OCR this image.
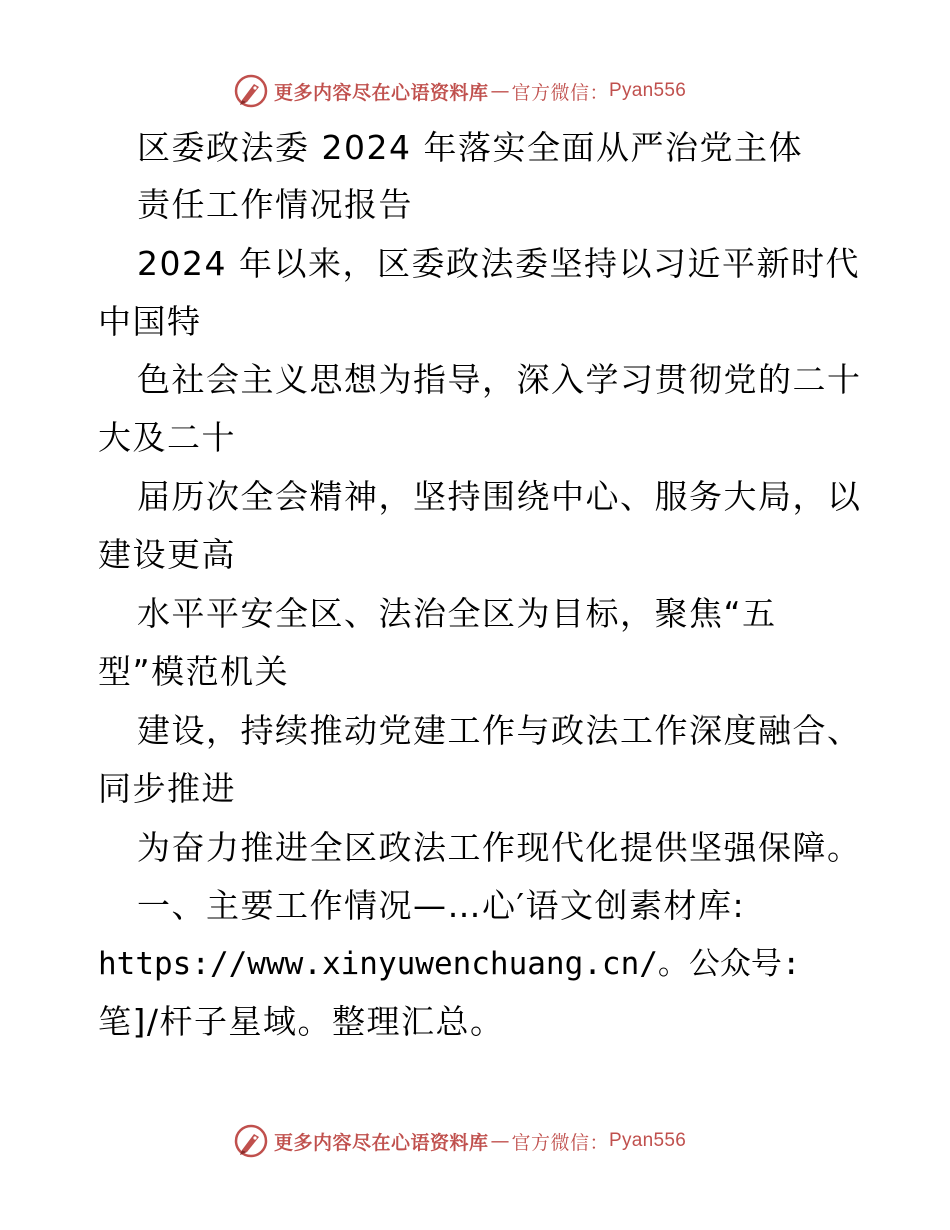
更多内容尽在心语资料库 — 官方微信： Pyan556
区委政法委 2024 年落实全面从严治党主体
责任工作情况报告
2024 年以来，区委政法委坚持以习近平新时代
中国特
色社会主义思想为指导，深入学习贯彻党的二十
大及二十
届历次全会精神，坚持围绕中心、服务大局，以
建设更高
水平平安全区、法治全区为目标，聚焦“五
型”模范机关
建设，持续推动党建工作与政法工作深度融合、
同步推进
为奋力推进全区政法工作现代化提供坚强保障。
一、主要工作情况—…心′语文创素材库:
https://www.xinyuwenchuang.cn/。公众号:
笔]/杆子星域。整理汇总。
更多内容尽在心语资料库 — 官方微信： Pyan556
